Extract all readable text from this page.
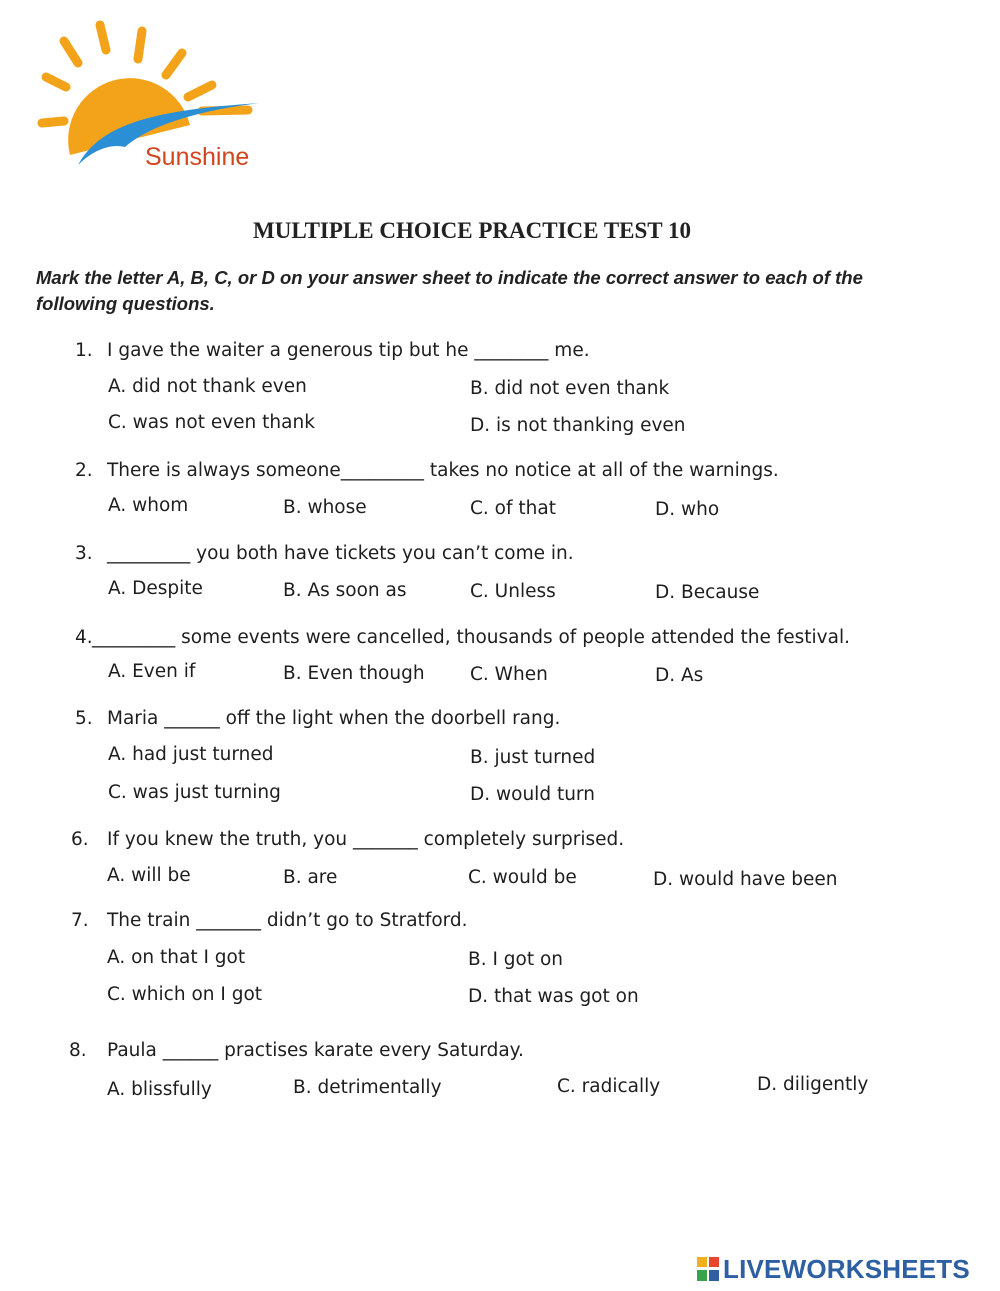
Sunshine
MULTIPLE CHOICE PRACTICE TEST 10
Mark the letter A, B, C, or D on your answer sheet to indicate the correct answer to each of the following questions.
1. I gave the waiter a generous tip but he ________ me.
A. did not thank even	B. did not even thank
C. was not even thank	D. is not thanking even
2. There is always someone_________ takes no notice at all of the warnings.
A. whom	B. whose	C. of that	D. who
3. _________ you both have tickets you can’t come in.
A. Despite	B. As soon as	C. Unless	D. Because
4._________ some events were cancelled, thousands of people attended the festival.
A. Even if	B. Even though C. When	D. As
5. Maria ______ off the light when the doorbell rang.
A. had just turned	B. just turned
C. was just turning	D. would turn
6. If you knew the truth, you _______ completely surprised.
A. will be	B. are	C. would be	D. would have been
7. The train _______ didn’t go to Stratford.
A. on that I got	B. I got on
C. which on I got	D. that was got on
8. Paula ______ practises karate every Saturday.
A. blissfully	B. detrimentally	C. radically	D. diligently
LIVEWORKSHEETS
